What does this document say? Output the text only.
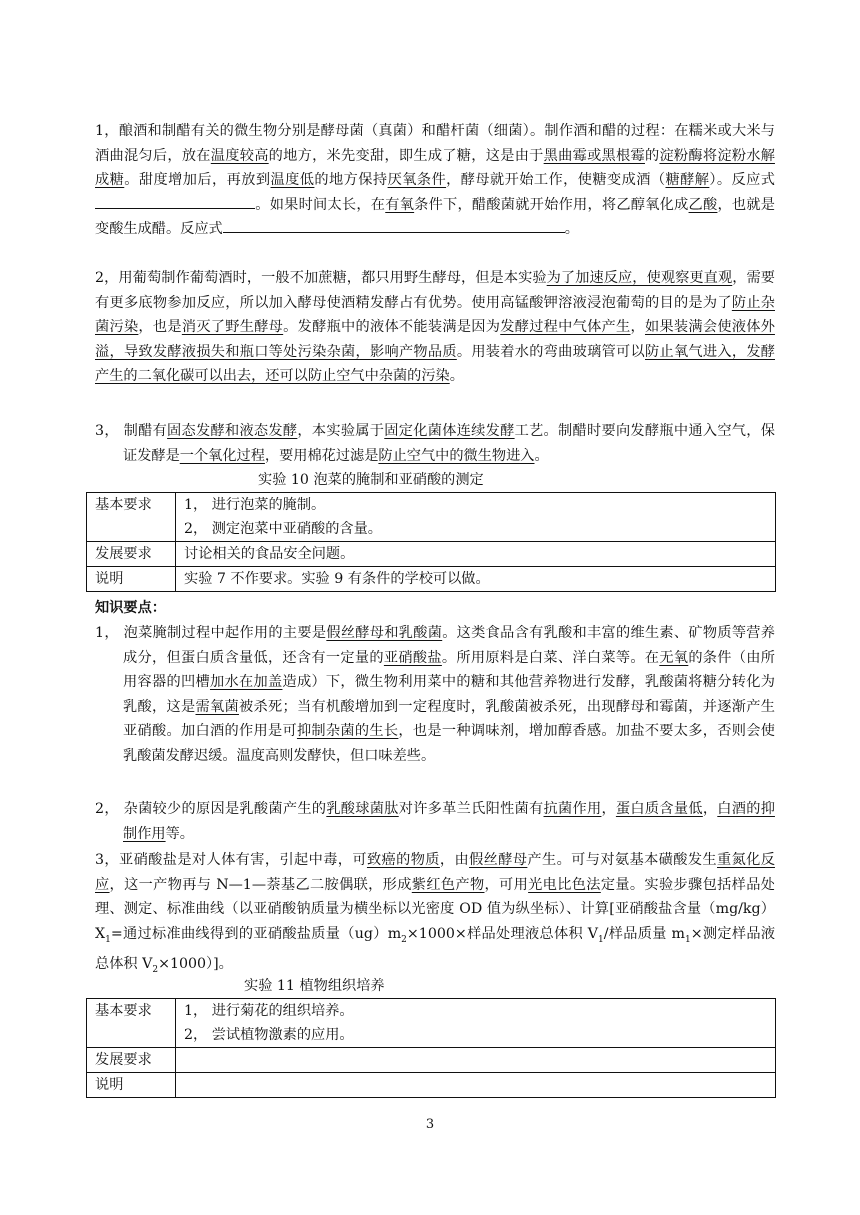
1，酿酒和制醋有关的微生物分别是酵母菌（真菌）和醋杆菌（细菌）。制作酒和醋的过程：在糯米或大米与酒曲混匀后，放在温度较高的地方，米先变甜，即生成了糖，这是由于黑曲霉或黑根霉的淀粉酶将淀粉水解成糖。甜度增加后，再放到温度低的地方保持厌氧条件，酵母就开始工作，使糖变成酒（糖酵解）。反应式。如果时间太长，在有氧条件下，醋酸菌就开始作用，将乙醇氧化成乙酸，也就是变酸生成醋。反应式	。
2，用葡萄制作葡萄酒时，一般不加蔗糖，都只用野生酵母，但是本实验为了加速反应，使观察更直观，需要有更多底物参加反应，所以加入酵母使酒精发酵占有优势。使用高锰酸钾溶液浸泡葡萄的目的是为了防止杂菌污染，也是消灭了野生酵母。发酵瓶中的液体不能装满是因为发酵过程中气体产生，如果装满会使液体外溢，导致发酵液损失和瓶口等处污染杂菌，影响产物品质。用装着水的弯曲玻璃管可以防止氧气进入，发酵产生的二氧化碳可以出去，还可以防止空气中杂菌的污染。
3， 制醋有固态发酵和液态发酵，本实验属于固定化菌体连续发酵工艺。制醋时要向发酵瓶中通入空气，保证发酵是一个氧化过程，要用棉花过滤是防止空气中的微生物进入。
实验 10 泡菜的腌制和亚硝酸的测定
基本要求	1， 进行泡菜的腌制。
2， 测定泡菜中亚硝酸的含量。

发展要求	讨论相关的食品安全问题。
说明	实验 7 不作要求。实验 9 有条件的学校可以做。
知识要点：
1， 泡菜腌制过程中起作用的主要是假丝酵母和乳酸菌。这类食品含有乳酸和丰富的维生素、矿物质等营养成分，但蛋白质含量低，还含有一定量的亚硝酸盐。所用原料是白菜、洋白菜等。在无氧的条件（由所用容器的凹槽加水在加盖造成）下，微生物利用菜中的糖和其他营养物进行发酵，乳酸菌将糖分转化为乳酸，这是需氧菌被杀死；当有机酸增加到一定程度时，乳酸菌被杀死，出现酵母和霉菌，并逐渐产生亚硝酸。加白酒的作用是可抑制杂菌的生长，也是一种调味剂，增加醇香感。加盐不要太多，否则会使乳酸菌发酵迟缓。温度高则发酵快，但口味差些。
2， 杂菌较少的原因是乳酸菌产生的乳酸球菌肽对许多革兰氏阳性菌有抗菌作用，蛋白质含量低，白酒的抑制作用等。
3，亚硝酸盐是对人体有害，引起中毒，可致癌的物质，由假丝酵母产生。可与对氨基本磺酸发生重氮化反应，这一产物再与 N—1—萘基乙二胺偶联，形成紫红色产物，可用光电比色法定量。实验步骤包括样品处理、测定、标准曲线（以亚硝酸钠质量为横坐标以光密度 OD 值为纵坐标）、计算[亚硝酸盐含量$(mg/kg)X_1=$通过标准曲线得到的亚硝酸盐质量$(ug)m_2\times 1000\times$样品处理液总体积 $V_1/$样品质量 $m_1\times$测定样品液总体积 $V_2\times 1000$）]。
实验 11 植物组织培养
基本要求	1， 进行菊花的组织培养。
2， 尝试植物激素的应用。

发展要求	
说明	
3
